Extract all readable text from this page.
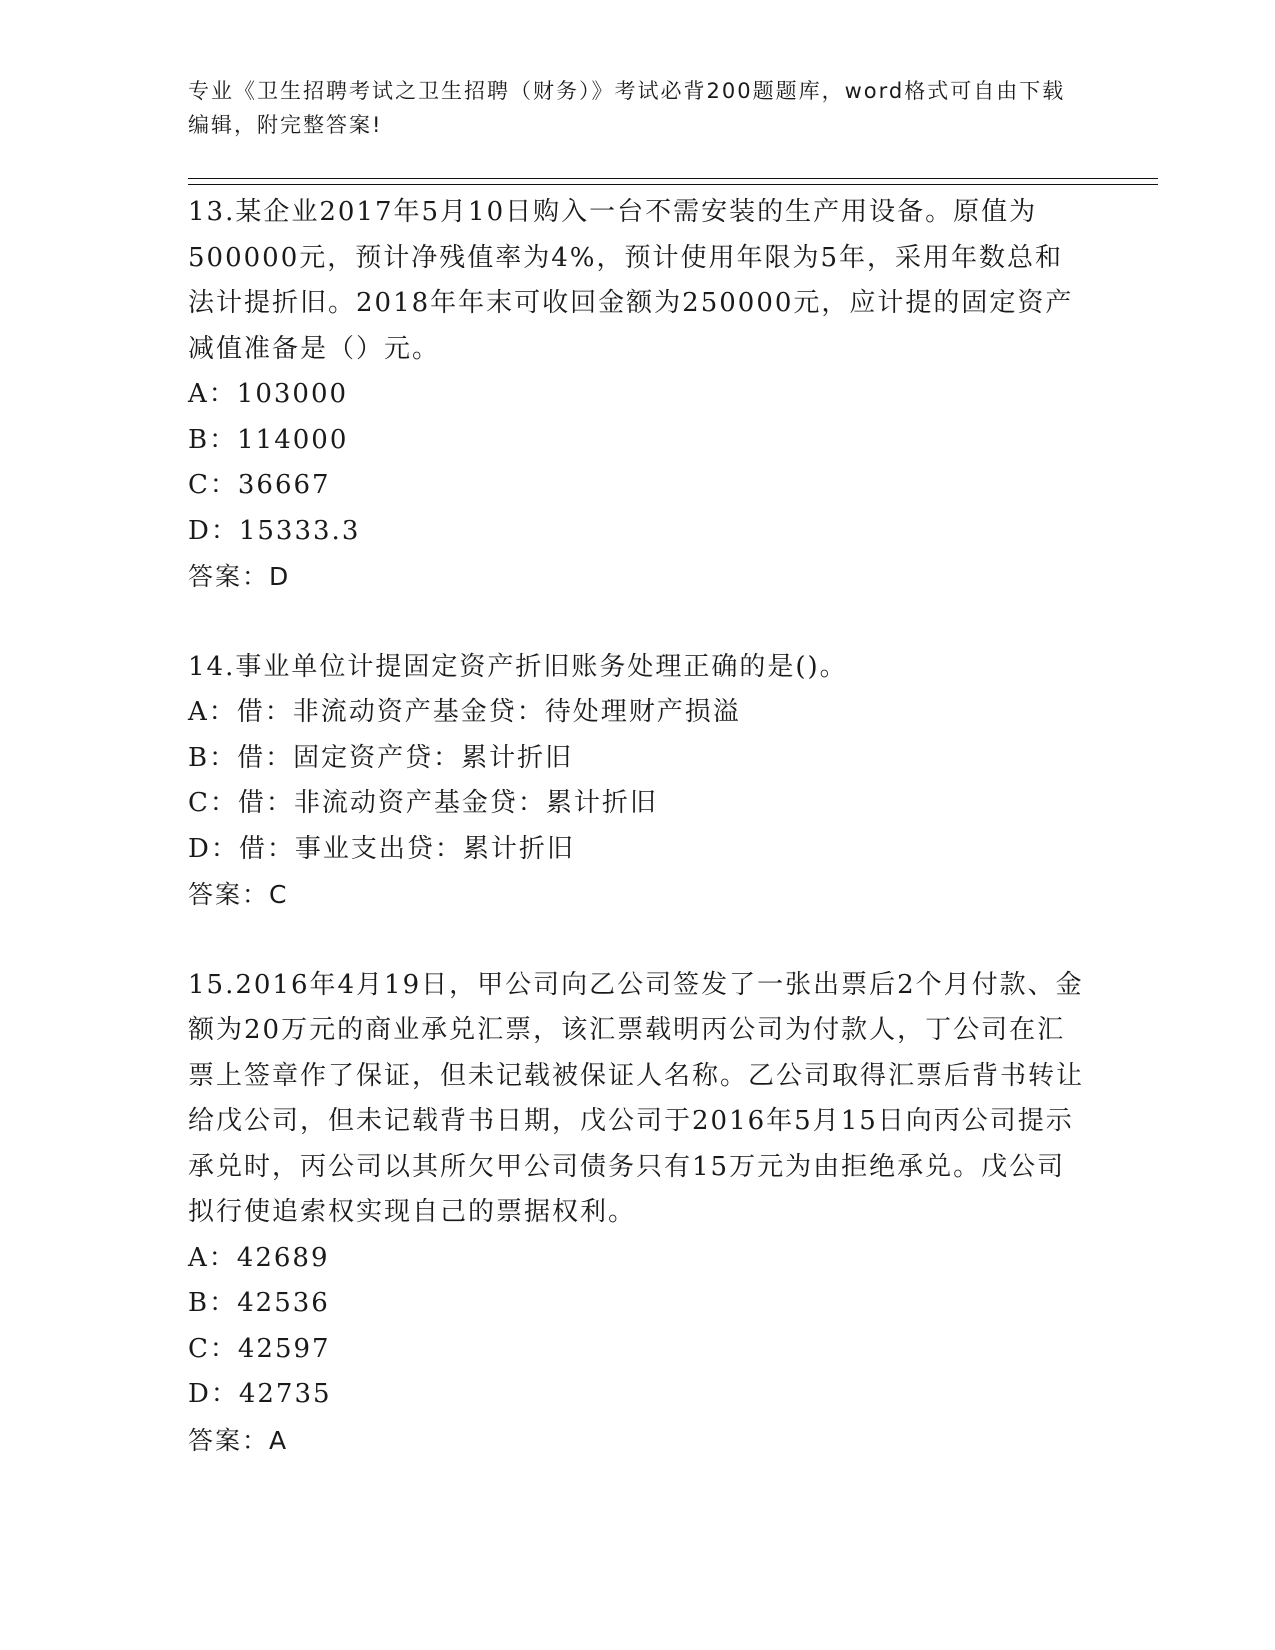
专业《卫生招聘考试之卫生招聘（财务）》考试必背200题题库，word格式可自由下载编辑，附完整答案!

13.某企业2017年5月10日购入一台不需安装的生产用设备。原值为500000元，预计净残值率为4%，预计使用年限为5年，采用年数总和法计提折旧。2018年年末可收回金额为250000元，应计提的固定资产减值准备是（）元。

A：103000

B：114000

C：36667

D：15333.3

答案：D

14.事业单位计提固定资产折旧账务处理正确的是()。

A：借：非流动资产基金贷：待处理财产损溢

B：借：固定资产贷：累计折旧

C：借：非流动资产基金贷：累计折旧

D：借：事业支出贷：累计折旧

答案：C

15.2016年4月19日，甲公司向乙公司签发了一张出票后2个月付款、金额为20万元的商业承兑汇票，该汇票载明丙公司为付款人，丁公司在汇票上签章作了保证，但未记载被保证人名称。乙公司取得汇票后背书转让给戊公司，但未记载背书日期，戊公司于2016年5月15日向丙公司提示承兑时，丙公司以其所欠甲公司债务只有15万元为由拒绝承兑。戊公司拟行使追索权实现自己的票据权利。

A：42689

B：42536

C：42597

D：42735

答案：A
